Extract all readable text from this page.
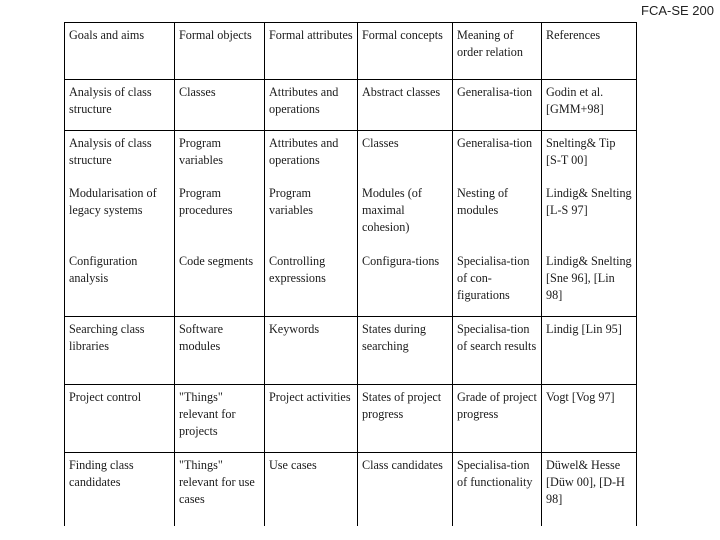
FCA-SE 200
Goals and aims	Formal objects	Formal attributes	Formal concepts	Meaning of order relation	References
Analysis of class structure	Classes	Attributes and operations	Abstract classes	Generalisa-tion	Godin et al. [GMM+98]
Analysis of class structure	Program variables	Attributes and operations	Classes	Generalisa-tion	Snelting& Tip [S-T 00]
Modularisation of legacy systems	Program procedures	Program variables	Modules (of maximal cohesion)	Nesting of modules	Lindig& Snelting [L-S 97]
Configuration analysis	Code segments	Controlling expressions	Configura-tions	Specialisa-tion of con-figurations	Lindig& Snelting [Sne 96], [Lin 98]
Searching class libraries	Software modules	Keywords	States during searching	Specialisa-tion of search results	Lindig [Lin 95]
Project control	"Things" relevant for projects	Project activities	States of project progress	Grade of project progress	Vogt [Vog 97]
Finding class candidates	"Things" relevant for use cases	Use cases	Class candidates	Specialisa-tion of functionality	Düwel& Hesse [Düw 00], [D-H 98]
